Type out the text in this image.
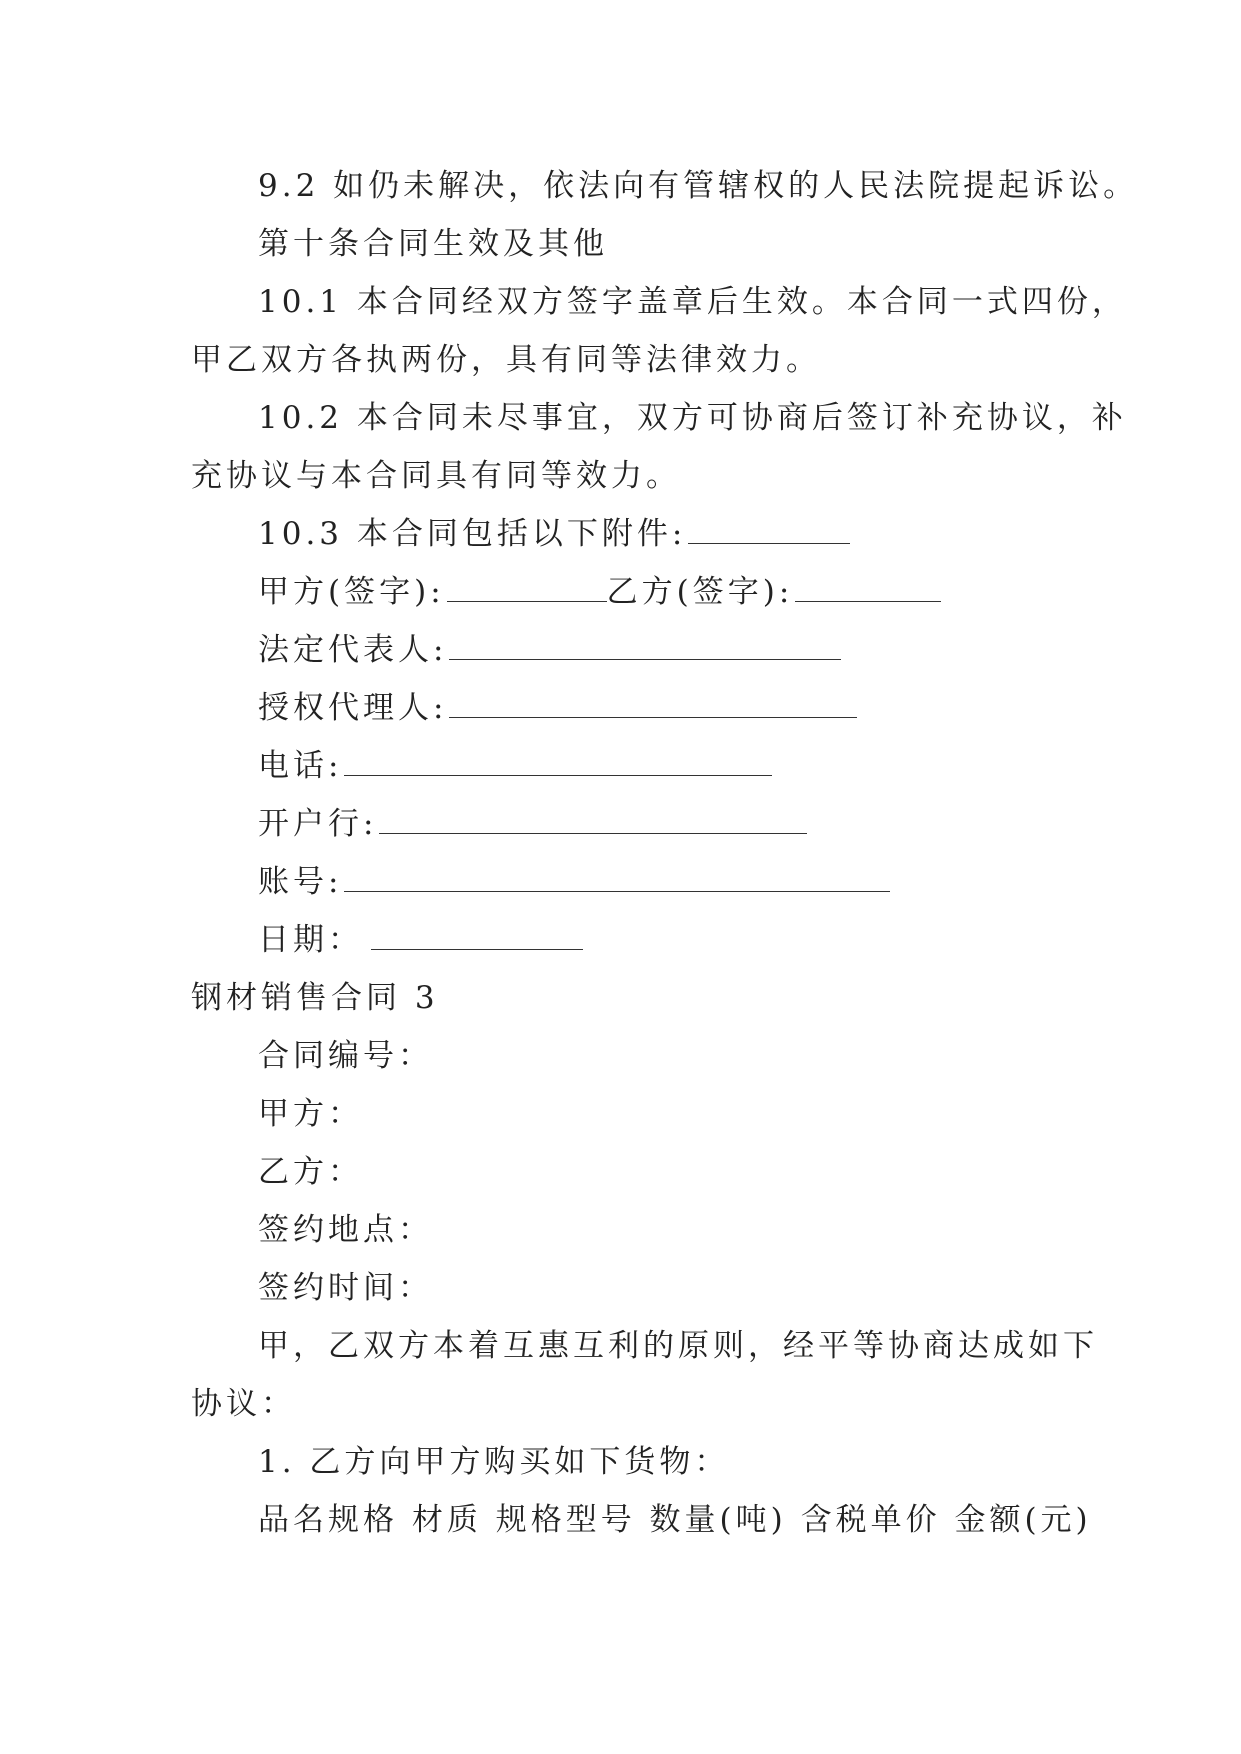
9.2 如仍未解决，依法向有管辖权的人民法院提起诉讼。
第十条合同生效及其他
10.1 本合同经双方签字盖章后生效。本合同一式四份，
甲乙双方各执两份，具有同等法律效力。
10.2 本合同未尽事宜，双方可协商后签订补充协议，补
充协议与本合同具有同等效力。
10.3 本合同包括以下附件:
甲方(签字):	乙方(签字):
法定代表人:
授权代理人:
电话:
开户行:
账号:
日期：
钢材销售合同 3
合同编号：
甲方：
乙方：
签约地点：
签约时间：
甲，乙双方本着互惠互利的原则，经平等协商达成如下
协议：
1. 乙方向甲方购买如下货物：
品名规格 材质 规格型号 数量(吨) 含税单价 金额(元)
